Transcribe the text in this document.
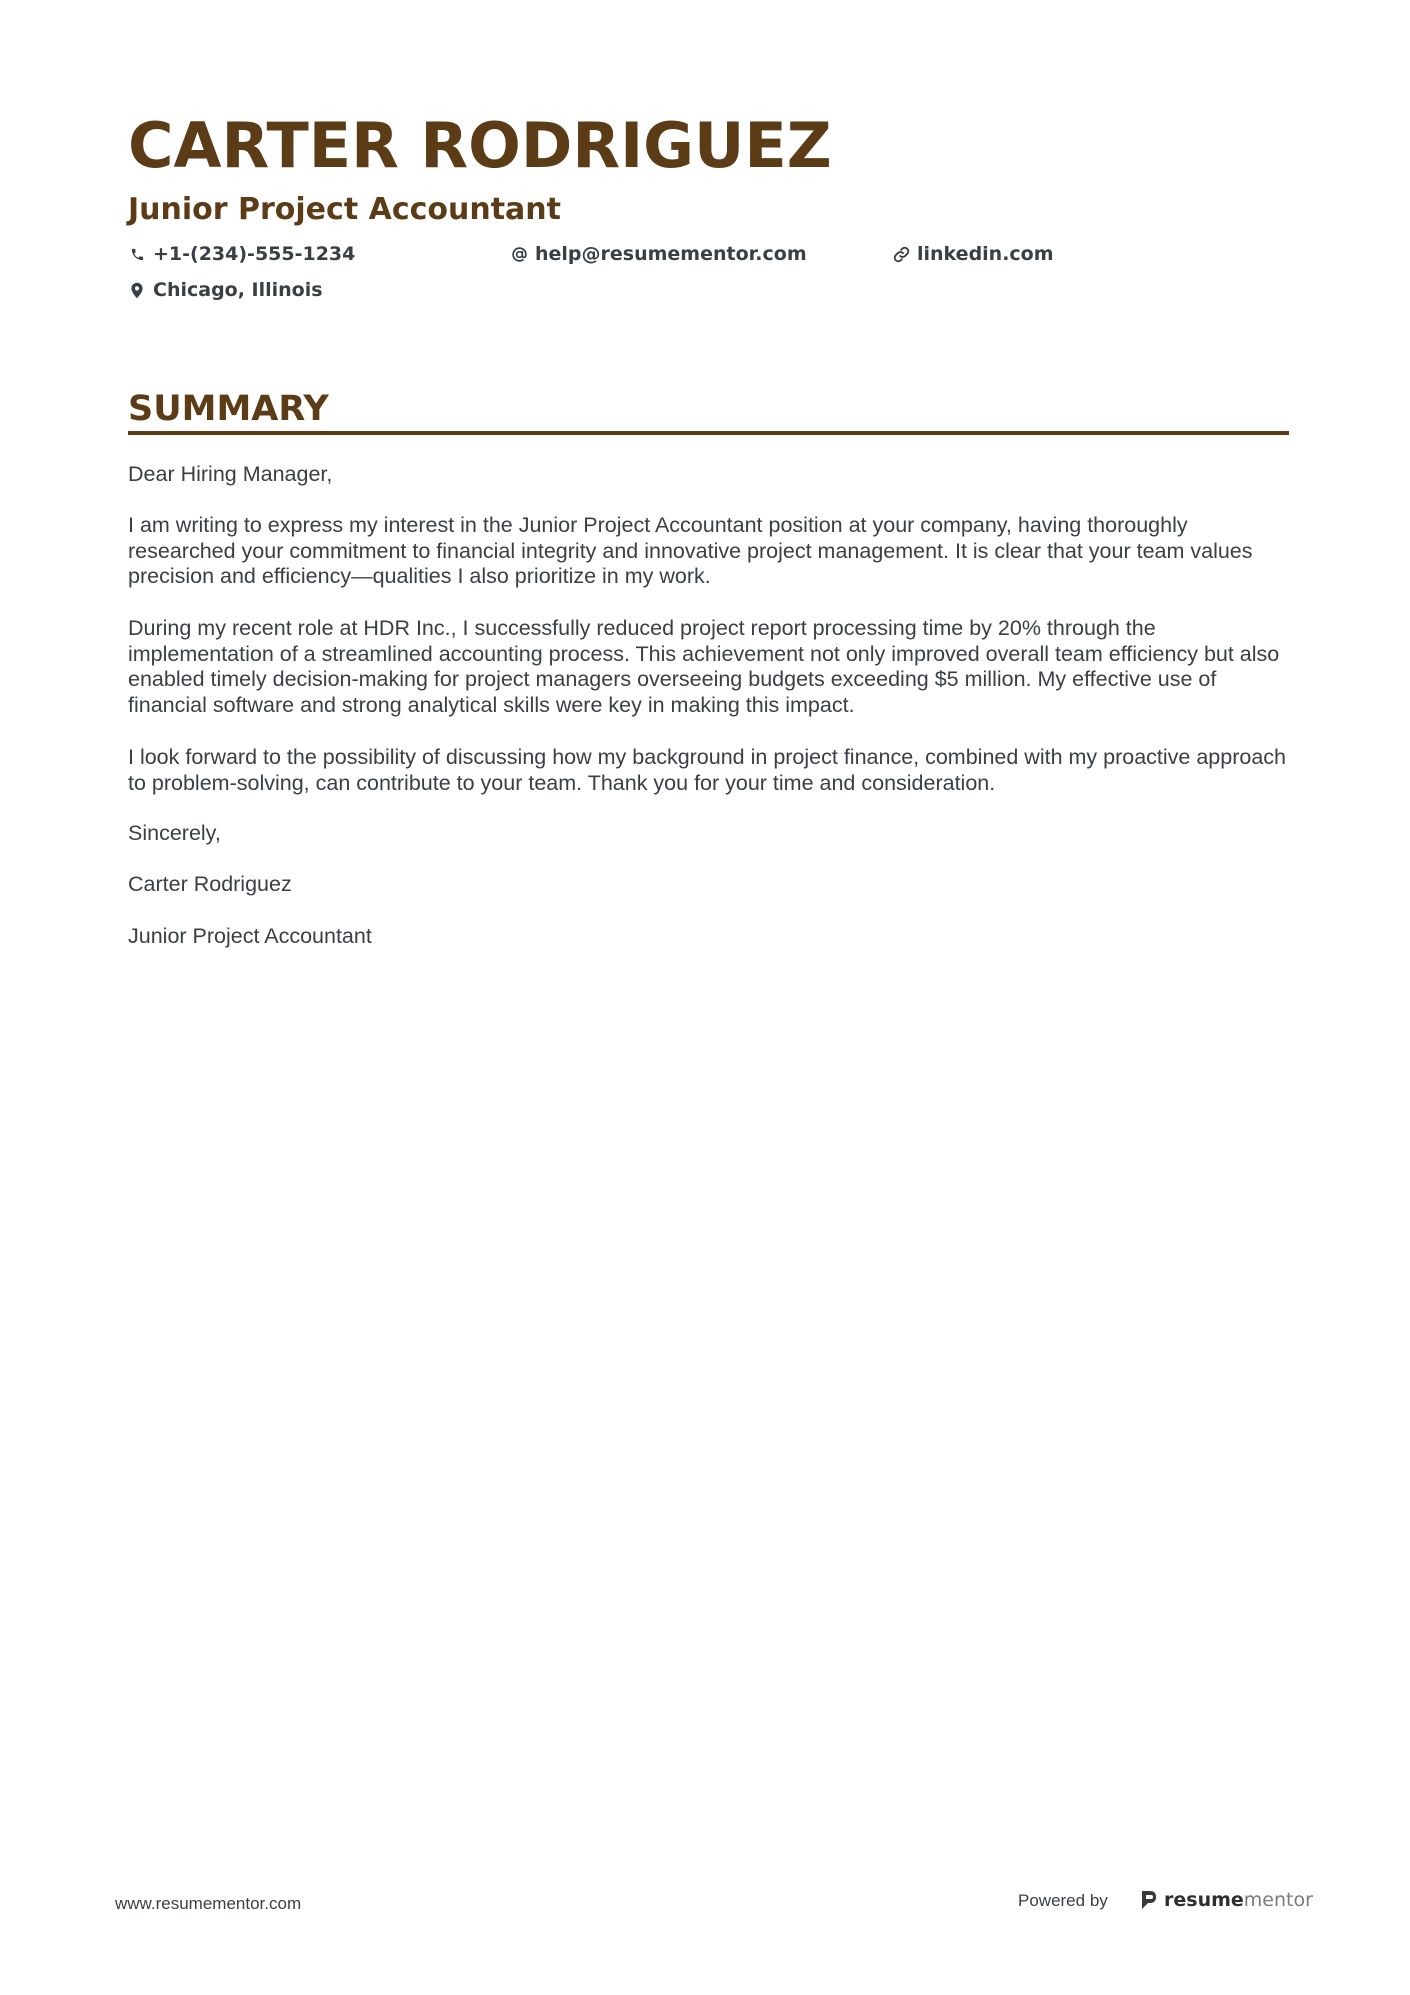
CARTER RODRIGUEZ
Junior Project Accountant
+1-(234)-555-1234	help@resumementor.com	linkedin.com
Chicago, Illinois
SUMMARY

Dear Hiring Manager,

I am writing to express my interest in the Junior Project Accountant position at your company, having thoroughly researched your commitment to financial integrity and innovative project management. It is clear that your team values precision and efficiency—qualities I also prioritize in my work.

During my recent role at HDR Inc., I successfully reduced project report processing time by 20% through the implementation of a streamlined accounting process. This achievement not only improved overall team efficiency but also enabled timely decision-making for project managers overseeing budgets exceeding $5 million. My effective use of financial software and strong analytical skills were key in making this impact.

I look forward to the possibility of discussing how my background in project finance, combined with my proactive approach to problem-solving, can contribute to your team. Thank you for your time and consideration.

Sincerely,

Carter Rodriguez

Junior Project Accountant

www.resumementor.com	Powered by	resumementor
